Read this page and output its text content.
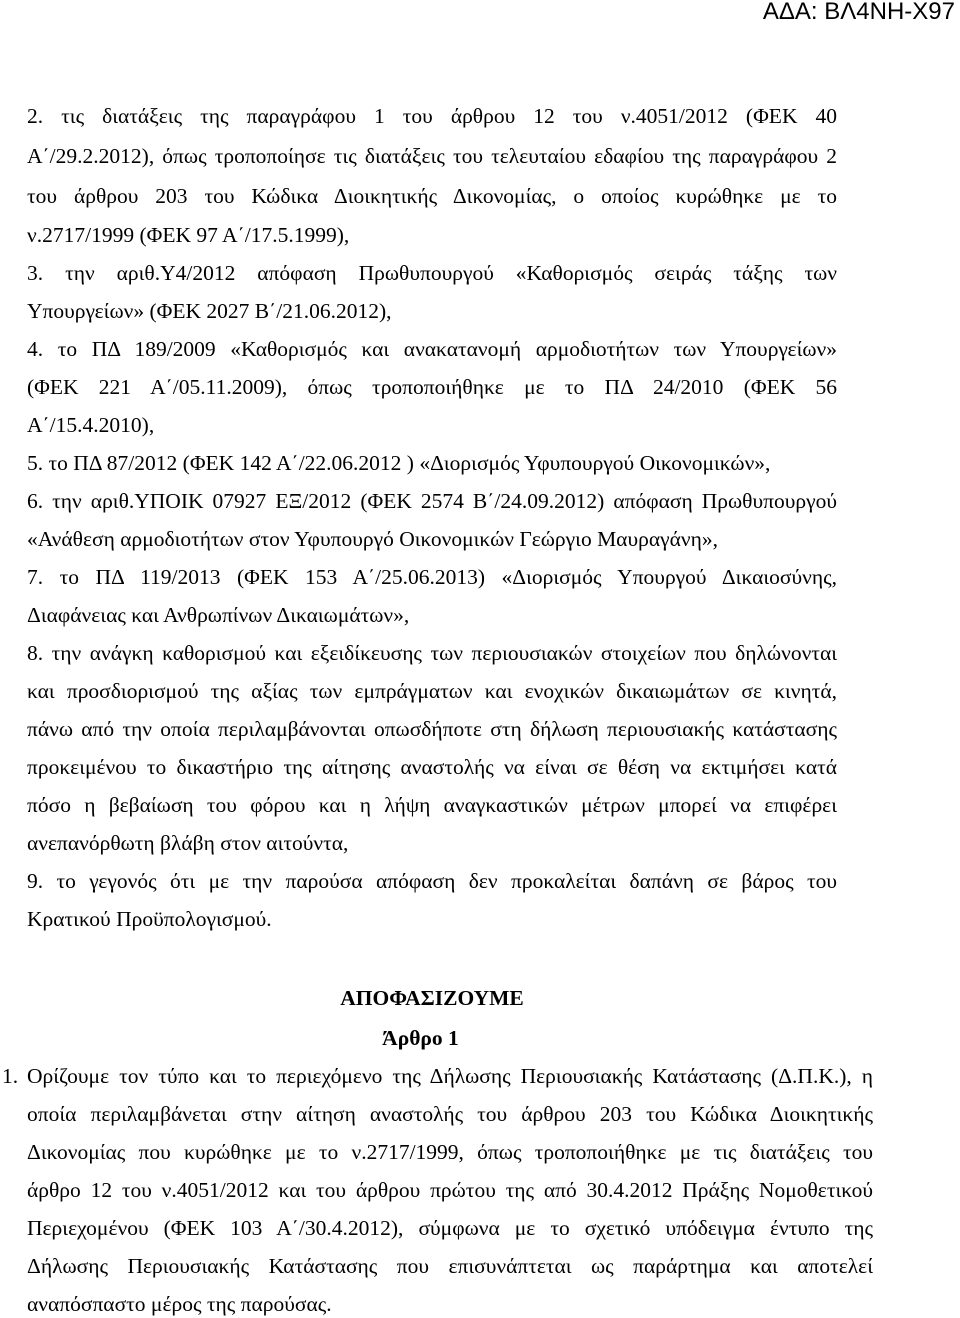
ΑΔΑ: ΒΛ4ΝΗ-Χ97
2. τις διατάξεις της παραγράφου 1 του άρθρου 12 του ν.4051/2012 (ΦΕΚ 40
Α΄/29.2.2012), όπως τροποποίησε τις διατάξεις του τελευταίου εδαφίου της παραγράφου 2
του άρθρου 203 του Κώδικα Διοικητικής Δικονομίας, ο οποίος κυρώθηκε με το
ν.2717/1999 (ΦΕΚ 97 Α΄/17.5.1999),
3. την αριθ.Υ4/2012 απόφαση Πρωθυπουργού «Καθορισμός σειράς τάξης των
Υπουργείων» (ΦΕΚ 2027 Β΄/21.06.2012),
4. το ΠΔ 189/2009 «Καθορισμός και ανακατανομή αρμοδιοτήτων των Υπουργείων»
(ΦΕΚ 221 Α΄/05.11.2009), όπως τροποποιήθηκε με το ΠΔ 24/2010 (ΦΕΚ 56
Α΄/15.4.2010),
5. το ΠΔ 87/2012 (ΦΕΚ 142 Α΄/22.06.2012 ) «Διορισμός Υφυπουργού Οικονομικών»,
6. την αριθ.ΥΠΟΙΚ 07927 ΕΞ/2012 (ΦΕΚ 2574 Β΄/24.09.2012) απόφαση Πρωθυπουργού
«Ανάθεση αρμοδιοτήτων στον Υφυπουργό Οικονομικών Γεώργιο Μαυραγάνη»,
7. το ΠΔ 119/2013 (ΦΕΚ 153 Α΄/25.06.2013) «Διορισμός Υπουργού Δικαιοσύνης,
Διαφάνειας και Ανθρωπίνων Δικαιωμάτων»,
8. την ανάγκη καθορισμού και εξειδίκευσης των περιουσιακών στοιχείων που δηλώνονται
και προσδιορισμού της αξίας των εμπράγματων και ενοχικών δικαιωμάτων σε κινητά,
πάνω από την οποία περιλαμβάνονται οπωσδήποτε στη δήλωση περιουσιακής κατάστασης
προκειμένου το δικαστήριο της αίτησης αναστολής να είναι σε θέση να εκτιμήσει κατά
πόσο η βεβαίωση του φόρου και η λήψη αναγκαστικών μέτρων μπορεί να επιφέρει
ανεπανόρθωτη βλάβη στον αιτούντα,
9. το γεγονός ότι με την παρούσα απόφαση δεν προκαλείται δαπάνη σε βάρος του
Κρατικού Προϋπολογισμού.
ΑΠΟΦΑΣΙΖΟΥΜΕ
Άρθρο 1
1. Ορίζουμε τον τύπο και το περιεχόμενο της Δήλωσης Περιουσιακής Κατάστασης (Δ.Π.Κ.), η
οποία περιλαμβάνεται στην αίτηση αναστολής του άρθρου 203 του Κώδικα Διοικητικής
Δικονομίας που κυρώθηκε με το ν.2717/1999, όπως τροποποιήθηκε με τις διατάξεις του
άρθρο 12 του ν.4051/2012 και του άρθρου πρώτου της από 30.4.2012 Πράξης Νομοθετικού
Περιεχομένου (ΦΕΚ 103 Α΄/30.4.2012), σύμφωνα με το σχετικό υπόδειγμα έντυπο της
Δήλωσης Περιουσιακής Κατάστασης που επισυνάπτεται ως παράρτημα και αποτελεί
αναπόσπαστο μέρος της παρούσας.
